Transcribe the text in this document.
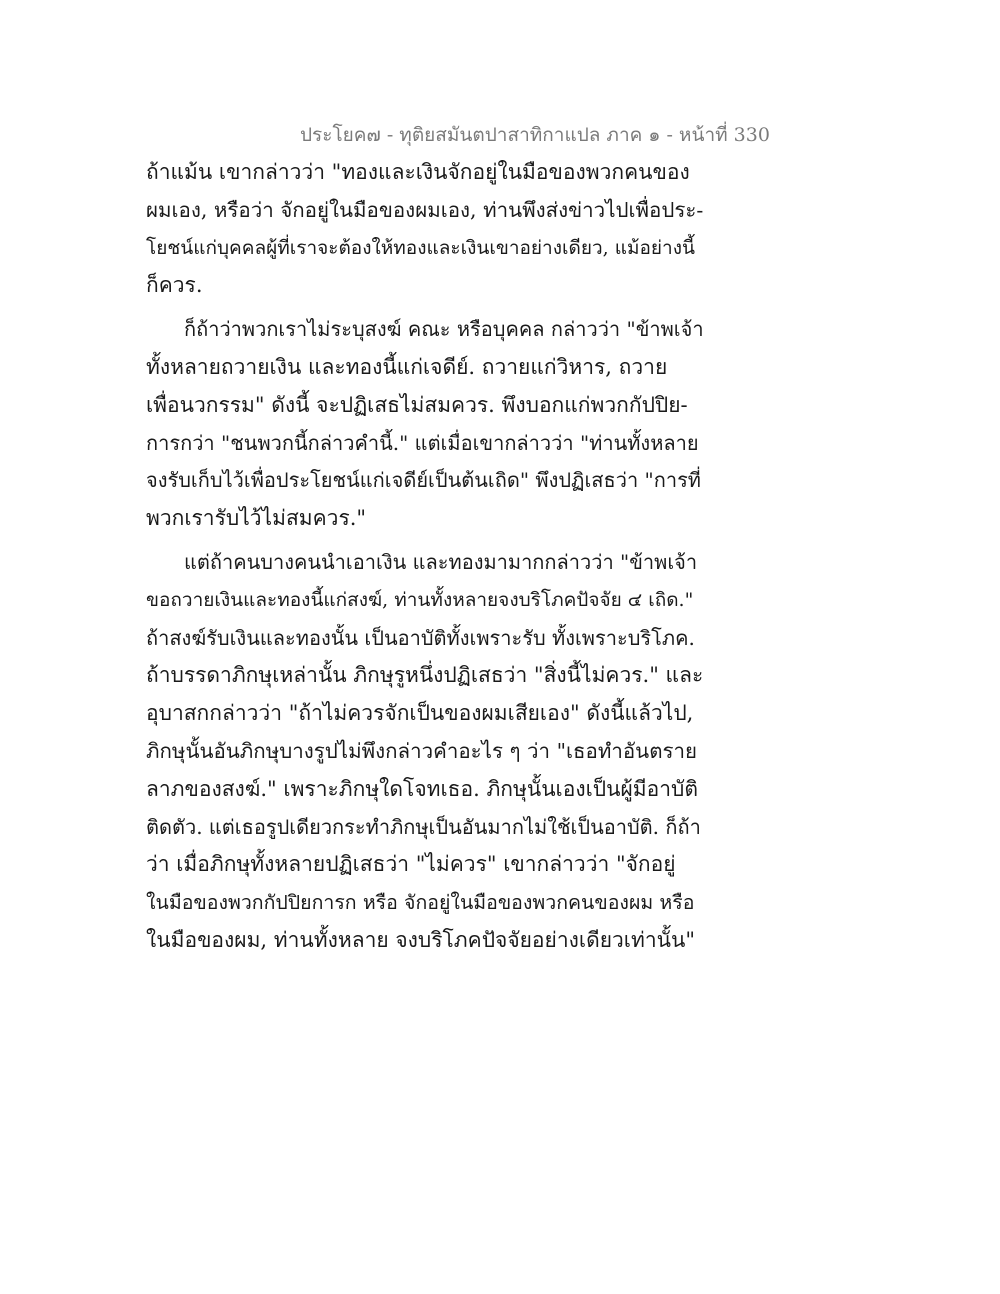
ประโยค๗ - ทุติยสมันตปาสาทิกาแปล ภาค ๑ - หน้าที่ 330
ถ้าแม้น เขากล่าวว่า "ทองและเงินจักอยู่ในมือของพวกคนของ
ผมเอง, หรือว่า จักอยู่ในมือของผมเอง, ท่านพึงส่งข่าวไปเพื่อประ-
โยชน์แก่บุคคลผู้ที่เราจะต้องให้ทองและเงินเขาอย่างเดียว, แม้อย่างนี้
ก็ควร.
ก็ถ้าว่าพวกเราไม่ระบุสงฆ์ คณะ หรือบุคคล กล่าวว่า "ข้าพเจ้า
ทั้งหลายถวายเงิน และทองนี้แก่เจดีย์. ถวายแก่วิหาร, ถวาย
เพื่อนวกรรม" ดังนี้ จะปฏิเสธไม่สมควร. พึงบอกแก่พวกกัปปิย-
การกว่า "ชนพวกนี้กล่าวคำนี้." แต่เมื่อเขากล่าวว่า "ท่านทั้งหลาย
จงรับเก็บไว้เพื่อประโยชน์แก่เจดีย์เป็นต้นเถิด" พึงปฏิเสธว่า "การที่
พวกเรารับไว้ไม่สมควร."
แต่ถ้าคนบางคนนำเอาเงิน และทองมามากกล่าวว่า "ข้าพเจ้า
ขอถวายเงินและทองนี้แก่สงฆ์, ท่านทั้งหลายจงบริโภคปัจจัย ๔ เถิด."
ถ้าสงฆ์รับเงินและทองนั้น เป็นอาบัติทั้งเพราะรับ ทั้งเพราะบริโภค.
ถ้าบรรดาภิกษุเหล่านั้น ภิกษุรูหนึ่งปฏิเสธว่า "สิ่งนี้ไม่ควร." และ
อุบาสกกล่าวว่า "ถ้าไม่ควรจักเป็นของผมเสียเอง" ดังนี้แล้วไป,
ภิกษุนั้นอันภิกษุบางรูปไม่พึงกล่าวคำอะไร ๆ ว่า "เธอทำอันตราย
ลาภของสงฆ์." เพราะภิกษุใดโจทเธอ. ภิกษุนั้นเองเป็นผู้มีอาบัติ
ติดตัว. แต่เธอรูปเดียวกระทำภิกษุเป็นอันมากไม่ใช้เป็นอาบัติ. ก็ถ้า
ว่า เมื่อภิกษุทั้งหลายปฏิเสธว่า "ไม่ควร" เขากล่าวว่า "จักอยู่
ในมือของพวกกัปปิยการก หรือ จักอยู่ในมือของพวกคนของผม หรือ
ในมือของผม, ท่านทั้งหลาย จงบริโภคปัจจัยอย่างเดียวเท่านั้น"
